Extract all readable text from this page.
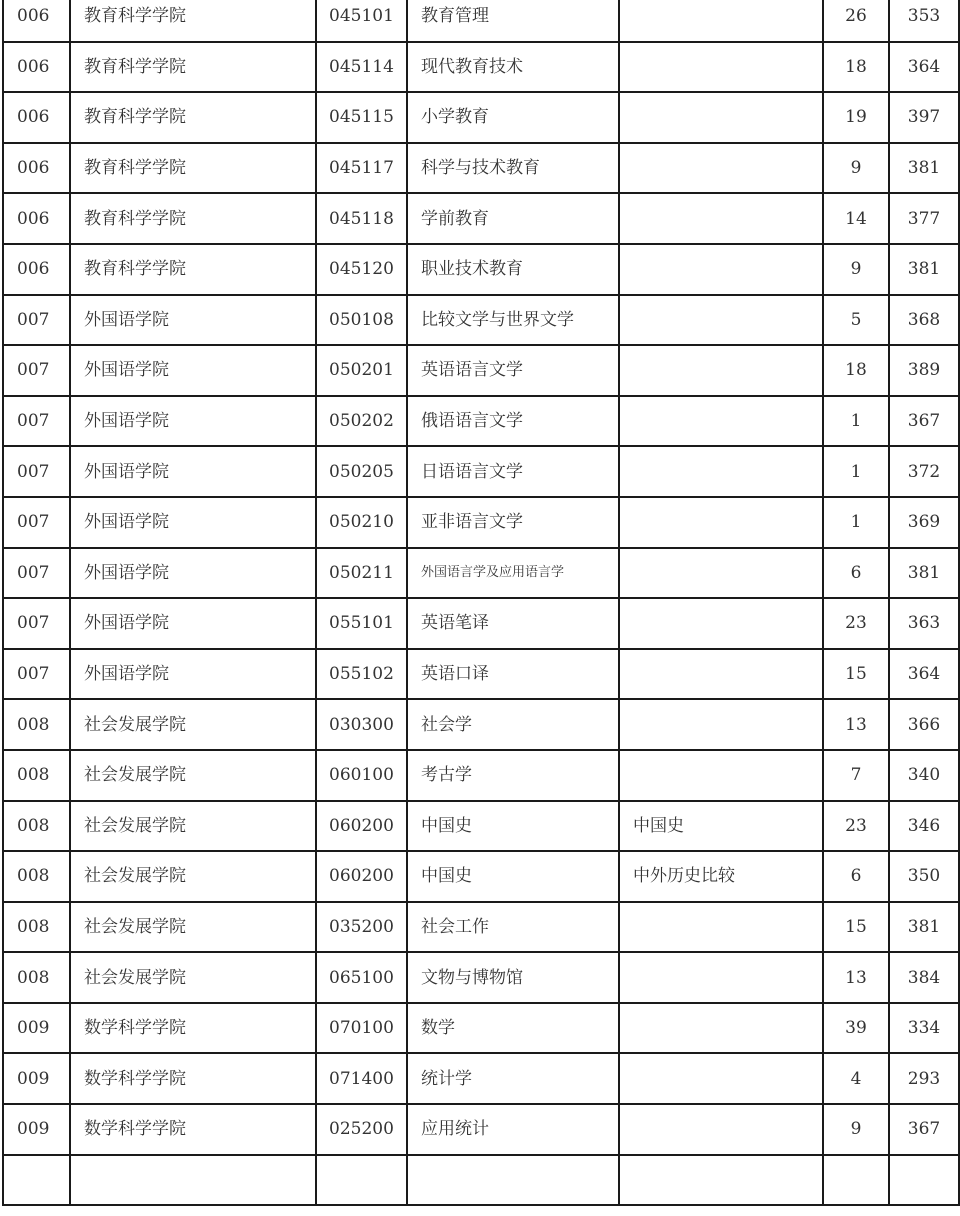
006	教育科学学院	045101	教育管理		26	353
006	教育科学学院	045114	现代教育技术		18	364
006	教育科学学院	045115	小学教育		19	397
006	教育科学学院	045117	科学与技术教育		9	381
006	教育科学学院	045118	学前教育		14	377
006	教育科学学院	045120	职业技术教育		9	381
007	外国语学院	050108	比较文学与世界文学		5	368
007	外国语学院	050201	英语语言文学		18	389
007	外国语学院	050202	俄语语言文学		1	367
007	外国语学院	050205	日语语言文学		1	372
007	外国语学院	050210	亚非语言文学		1	369
007	外国语学院	050211	外国语言学及应用语言学		6	381
007	外国语学院	055101	英语笔译		23	363
007	外国语学院	055102	英语口译		15	364
008	社会发展学院	030300	社会学		13	366
008	社会发展学院	060100	考古学		7	340
008	社会发展学院	060200	中国史	中国史	23	346
008	社会发展学院	060200	中国史	中外历史比较	6	350
008	社会发展学院	035200	社会工作		15	381
008	社会发展学院	065100	文物与博物馆		13	384
009	数学科学学院	070100	数学		39	334
009	数学科学学院	071400	统计学		4	293
009	数学科学学院	025200	应用统计		9	367
